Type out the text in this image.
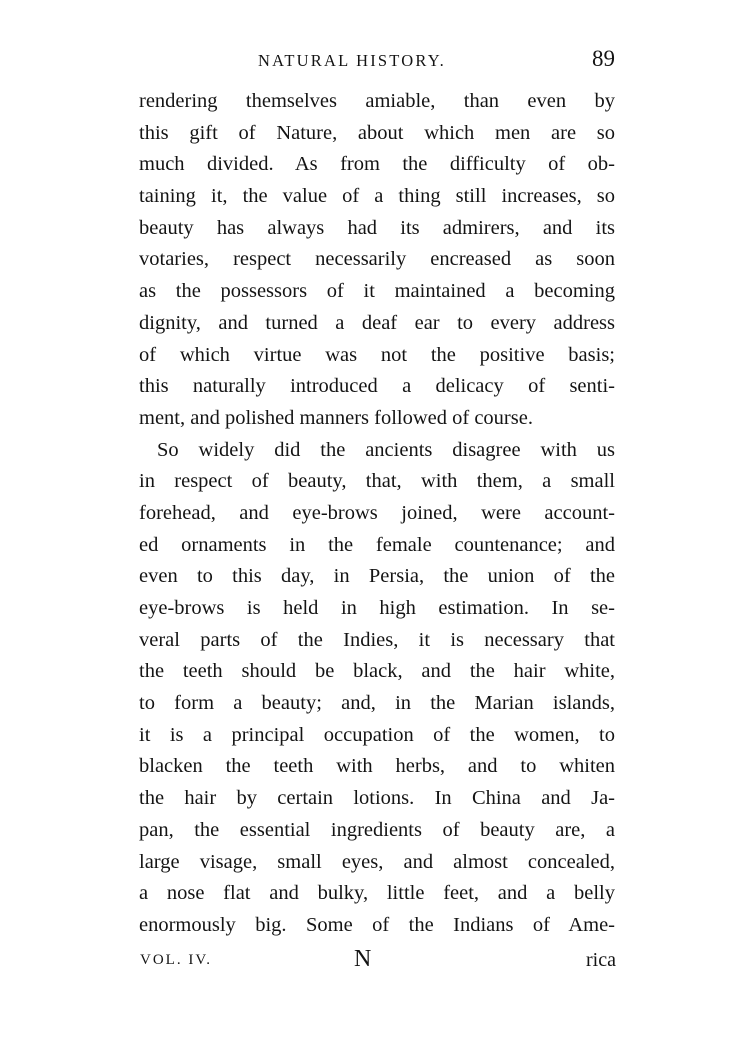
NATURAL HISTORY.	89
rendering themselves amiable, than even by
this gift of Nature, about which men are so
much divided. As from the difficulty of ob-
taining it, the value of a thing still increases, so
beauty has always had its admirers, and its
votaries, respect necessarily encreased as soon
as the possessors of it maintained a becoming
dignity, and turned a deaf ear to every address
of which virtue was not the positive basis;
this naturally introduced a delicacy of senti-
ment, and polished manners followed of course.
So widely did the ancients disagree with us
in respect of beauty, that, with them, a small
forehead, and eye-brows joined, were account-
ed ornaments in the female countenance; and
even to this day, in Persia, the union of the
eye-brows is held in high estimation. In se-
veral parts of the Indies, it is necessary that
the teeth should be black, and the hair white,
to form a beauty; and, in the Marian islands,
it is a principal occupation of the women, to
blacken the teeth with herbs, and to whiten
the hair by certain lotions. In China and Ja-
pan, the essential ingredients of beauty are, a
large visage, small eyes, and almost concealed,
a nose flat and bulky, little feet, and a belly
enormously big. Some of the Indians of Ame-
VOL. IV.	N	rica
